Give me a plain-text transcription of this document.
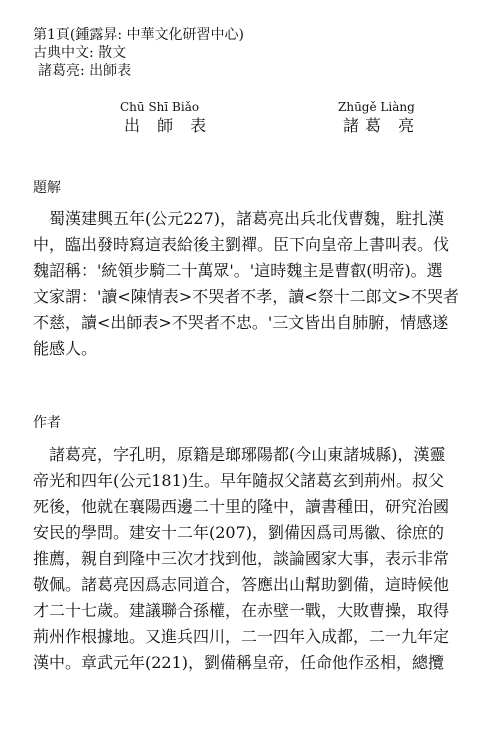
第1頁(鍾露昇: 中華文化研習中心)
古典中文: 散文
諸葛亮: 出師表
Chū Shī Biǎo
出 師 表
Zhūgě Liàng
諸葛 亮
題解
　蜀漢建興五年(公元227)，諸葛亮出兵北伐曹魏，駐扎漢
中，臨出發時寫這表給後主劉禪。臣下向皇帝上書叫表。伐
魏詔稱：'統領步騎二十萬眾'。'這時魏主是曹叡(明帝)。選
文家謂：'讀<陳情表>不哭者不孝，讀<祭十二郎文>不哭者
不慈，讀<出師表>不哭者不忠。'三文皆出自肺腑，情感遂
能感人。
作者
　諸葛亮，字孔明，原籍是瑯琊陽都(今山東諸城縣)，漢靈
帝光和四年(公元181)生。早年隨叔父諸葛玄到荊州。叔父
死後，他就在襄陽西邊二十里的隆中，讀書種田，研究治國
安民的學問。建安十二年(207)，劉備因爲司馬徽、徐庶的
推薦，親自到隆中三次才找到他，談論國家大事，表示非常
敬佩。諸葛亮因爲志同道合，答應出山幫助劉備，這時候他
才二十七歲。建議聯合孫權，在赤壁一戰，大敗曹操，取得
荊州作根據地。又進兵四川，二一四年入成都，二一九年定
漢中。章武元年(221)，劉備稱皇帝，任命他作丞相，總攬
